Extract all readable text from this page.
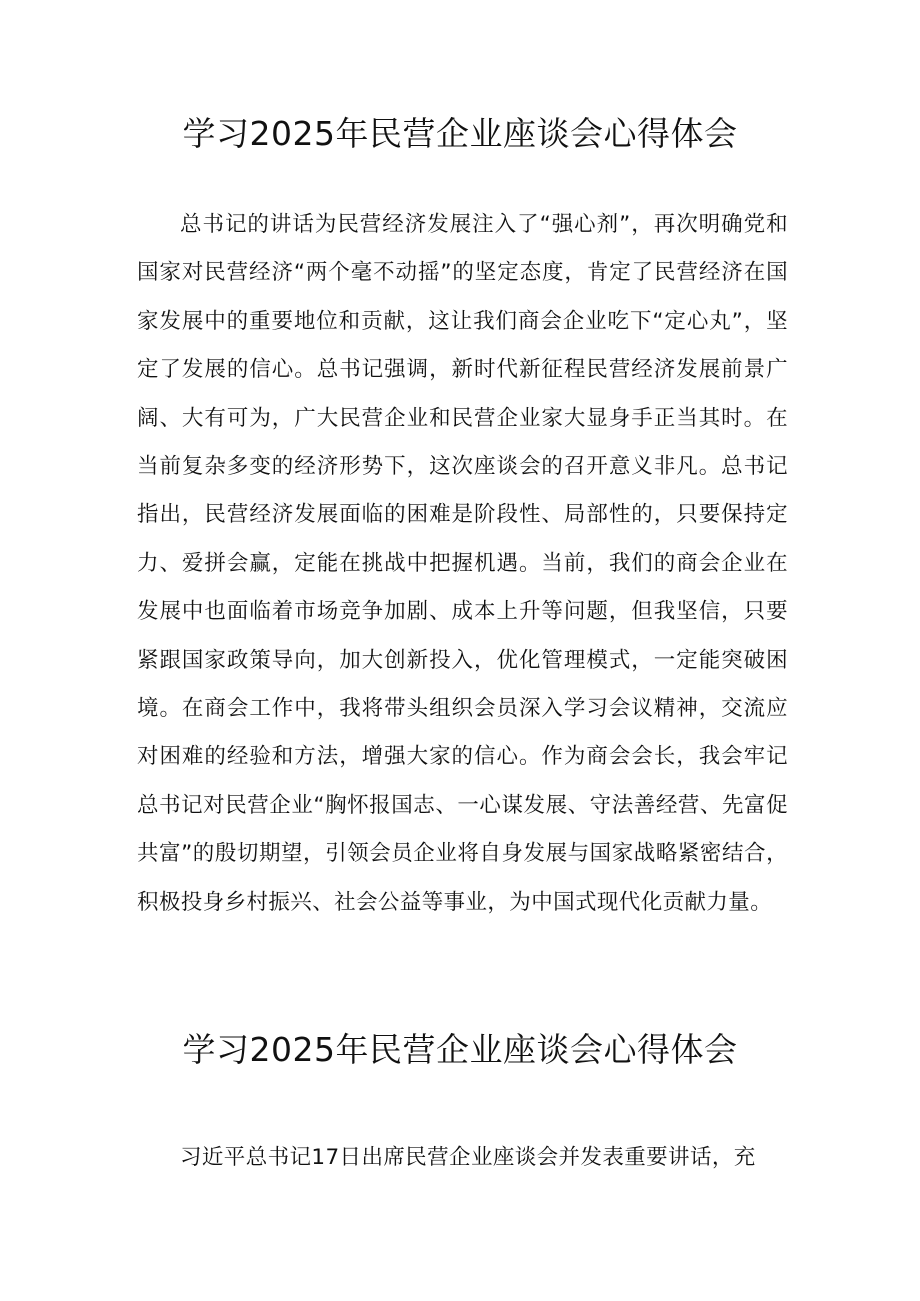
学习2025年民营企业座谈会心得体会

总书记的讲话为民营经济发展注入了“强心剂”，再次明确党和国家对民营经济“两个毫不动摇”的坚定态度，肯定了民营经济在国家发展中的重要地位和贡献，这让我们商会企业吃下“定心丸”，坚定了发展的信心。总书记强调，新时代新征程民营经济发展前景广阔、大有可为，广大民营企业和民营企业家大显身手正当其时。在当前复杂多变的经济形势下，这次座谈会的召开意义非凡。总书记指出，民营经济发展面临的困难是阶段性、局部性的，只要保持定力、爱拼会赢，定能在挑战中把握机遇。当前，我们的商会企业在发展中也面临着市场竞争加剧、成本上升等问题，但我坚信，只要紧跟国家政策导向，加大创新投入，优化管理模式，一定能突破困境。在商会工作中，我将带头组织会员深入学习会议精神，交流应对困难的经验和方法，增强大家的信心。作为商会会长，我会牢记总书记对民营企业“胸怀报国志、一心谋发展、守法善经营、先富促共富”的殷切期望，引领会员企业将自身发展与国家战略紧密结合，积极投身乡村振兴、社会公益等事业，为中国式现代化贡献力量。

学习2025年民营企业座谈会心得体会

习近平总书记17日出席民营企业座谈会并发表重要讲话，充
